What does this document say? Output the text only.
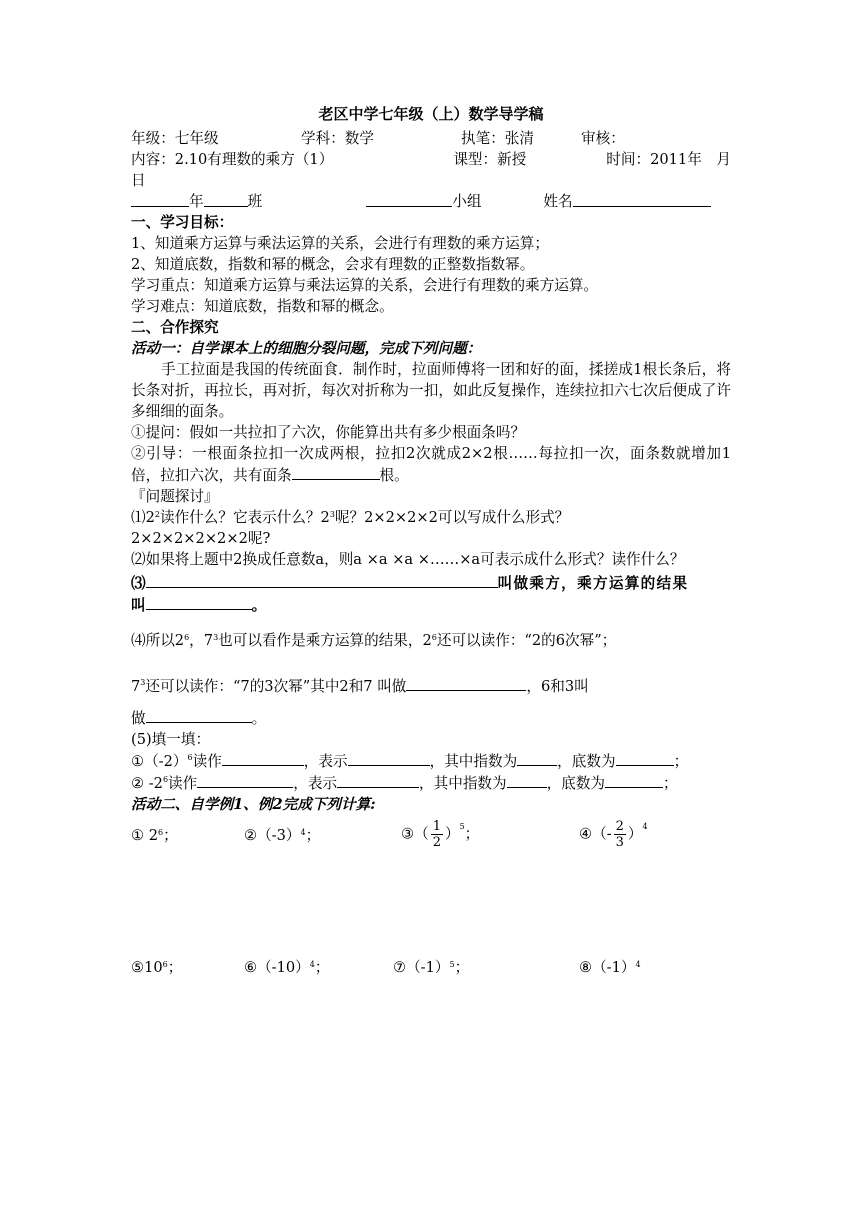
老区中学七年级（上）数学导学稿
年级：七年级	学科：数学	执笔：张清	审核：
内容：2.10有理数的乘方（1）	课型：新授	时间：2011年　月
日
年	班	小组	姓名
一、学习目标：
1、知道乘方运算与乘法运算的关系，会进行有理数的乘方运算；
2、知道底数，指数和幂的概念，会求有理数的正整数指数幂。
学习重点：知道乘方运算与乘法运算的关系，会进行有理数的乘方运算。
学习难点：知道底数，指数和幂的概念。
二、合作探究
活动一：自学课本上的细胞分裂问题，完成下列问题：
手工拉面是我国的传统面食．制作时，拉面师傅将一团和好的面，揉搓成1根长条后，将长条对折，再拉长，再对折，每次对折称为一扣，如此反复操作，连续拉扣六七次后便成了许多细细的面条。
①提问：假如一共拉扣了六次，你能算出共有多少根面条吗？
②引导：一根面条拉扣一次成两根，拉扣2次就成2×2根……每拉扣一次，面条数就增加1倍，拉扣六次，共有面条	根。
『问题探讨』
$⑴2^2$读作什么？它表示什么？$2^3$呢？2×2×2×2可以写成什么形式？
2×2×2×2×2×2呢?
⑵如果将上题中2换成任意数a，则a ×a ×a ×……×a可表示成什么形式？读作什么？
⑶	叫做乘方，乘方运算的结果
叫	。
⑷所以$2^6$，$7^3$也可以看作是乘方运算的结果，$2^6$还可以读作：“2的6次幂”；
$7^3$还可以读作：“7的3次幂”其中2和7 叫做	，6和3叫
做	。
(5)填一填：
$①(-2)^6$读作	，表示	，其中指数为	，底数为	；
② $-2^6$读作	，表示	，其中指数为	，底数为	；
活动二、自学例1、例2完成下列计算:
① $2^6$；	$②(-3)^4$；	③（ $\frac{1}{2} )^5$；	④（- $\frac{2}{3} )^4$
$⑤10^6$；	$⑥(-10)^4$；	$⑦(-1)^5$；	$⑧(-1)^4$
